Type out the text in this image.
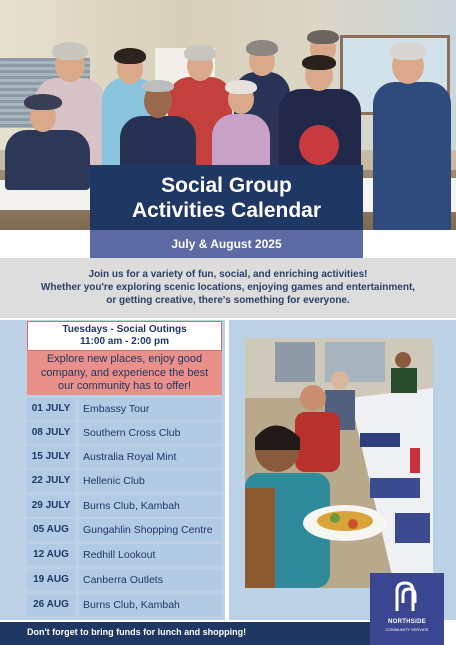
Social Group
Activities Calendar
July & August 2025
Join us for a variety of fun, social, and enriching activities!
Whether you're exploring scenic locations, enjoying games and entertainment,
or getting creative, there's something for everyone.
Tuesdays - Social Outings
11:00 am - 2:00 pm
Explore new places, enjoy good
company, and experience the best
our community has to offer!
01 JULY	Embassy Tour
08 JULY	Southern Cross Club
15 JULY	Australia Royal Mint
22 JULY	Hellenic Club
29 JULY	Burns Club, Kambah
05 AUG	Gungahlin Shopping Centre
12 AUG	Redhill Lookout
19 AUG	Canberra Outlets
26 AUG	Burns Club, Kambah
NORTHSIDE
COMMUNITY SERVICE
Don't forget to bring funds for lunch and shopping!
